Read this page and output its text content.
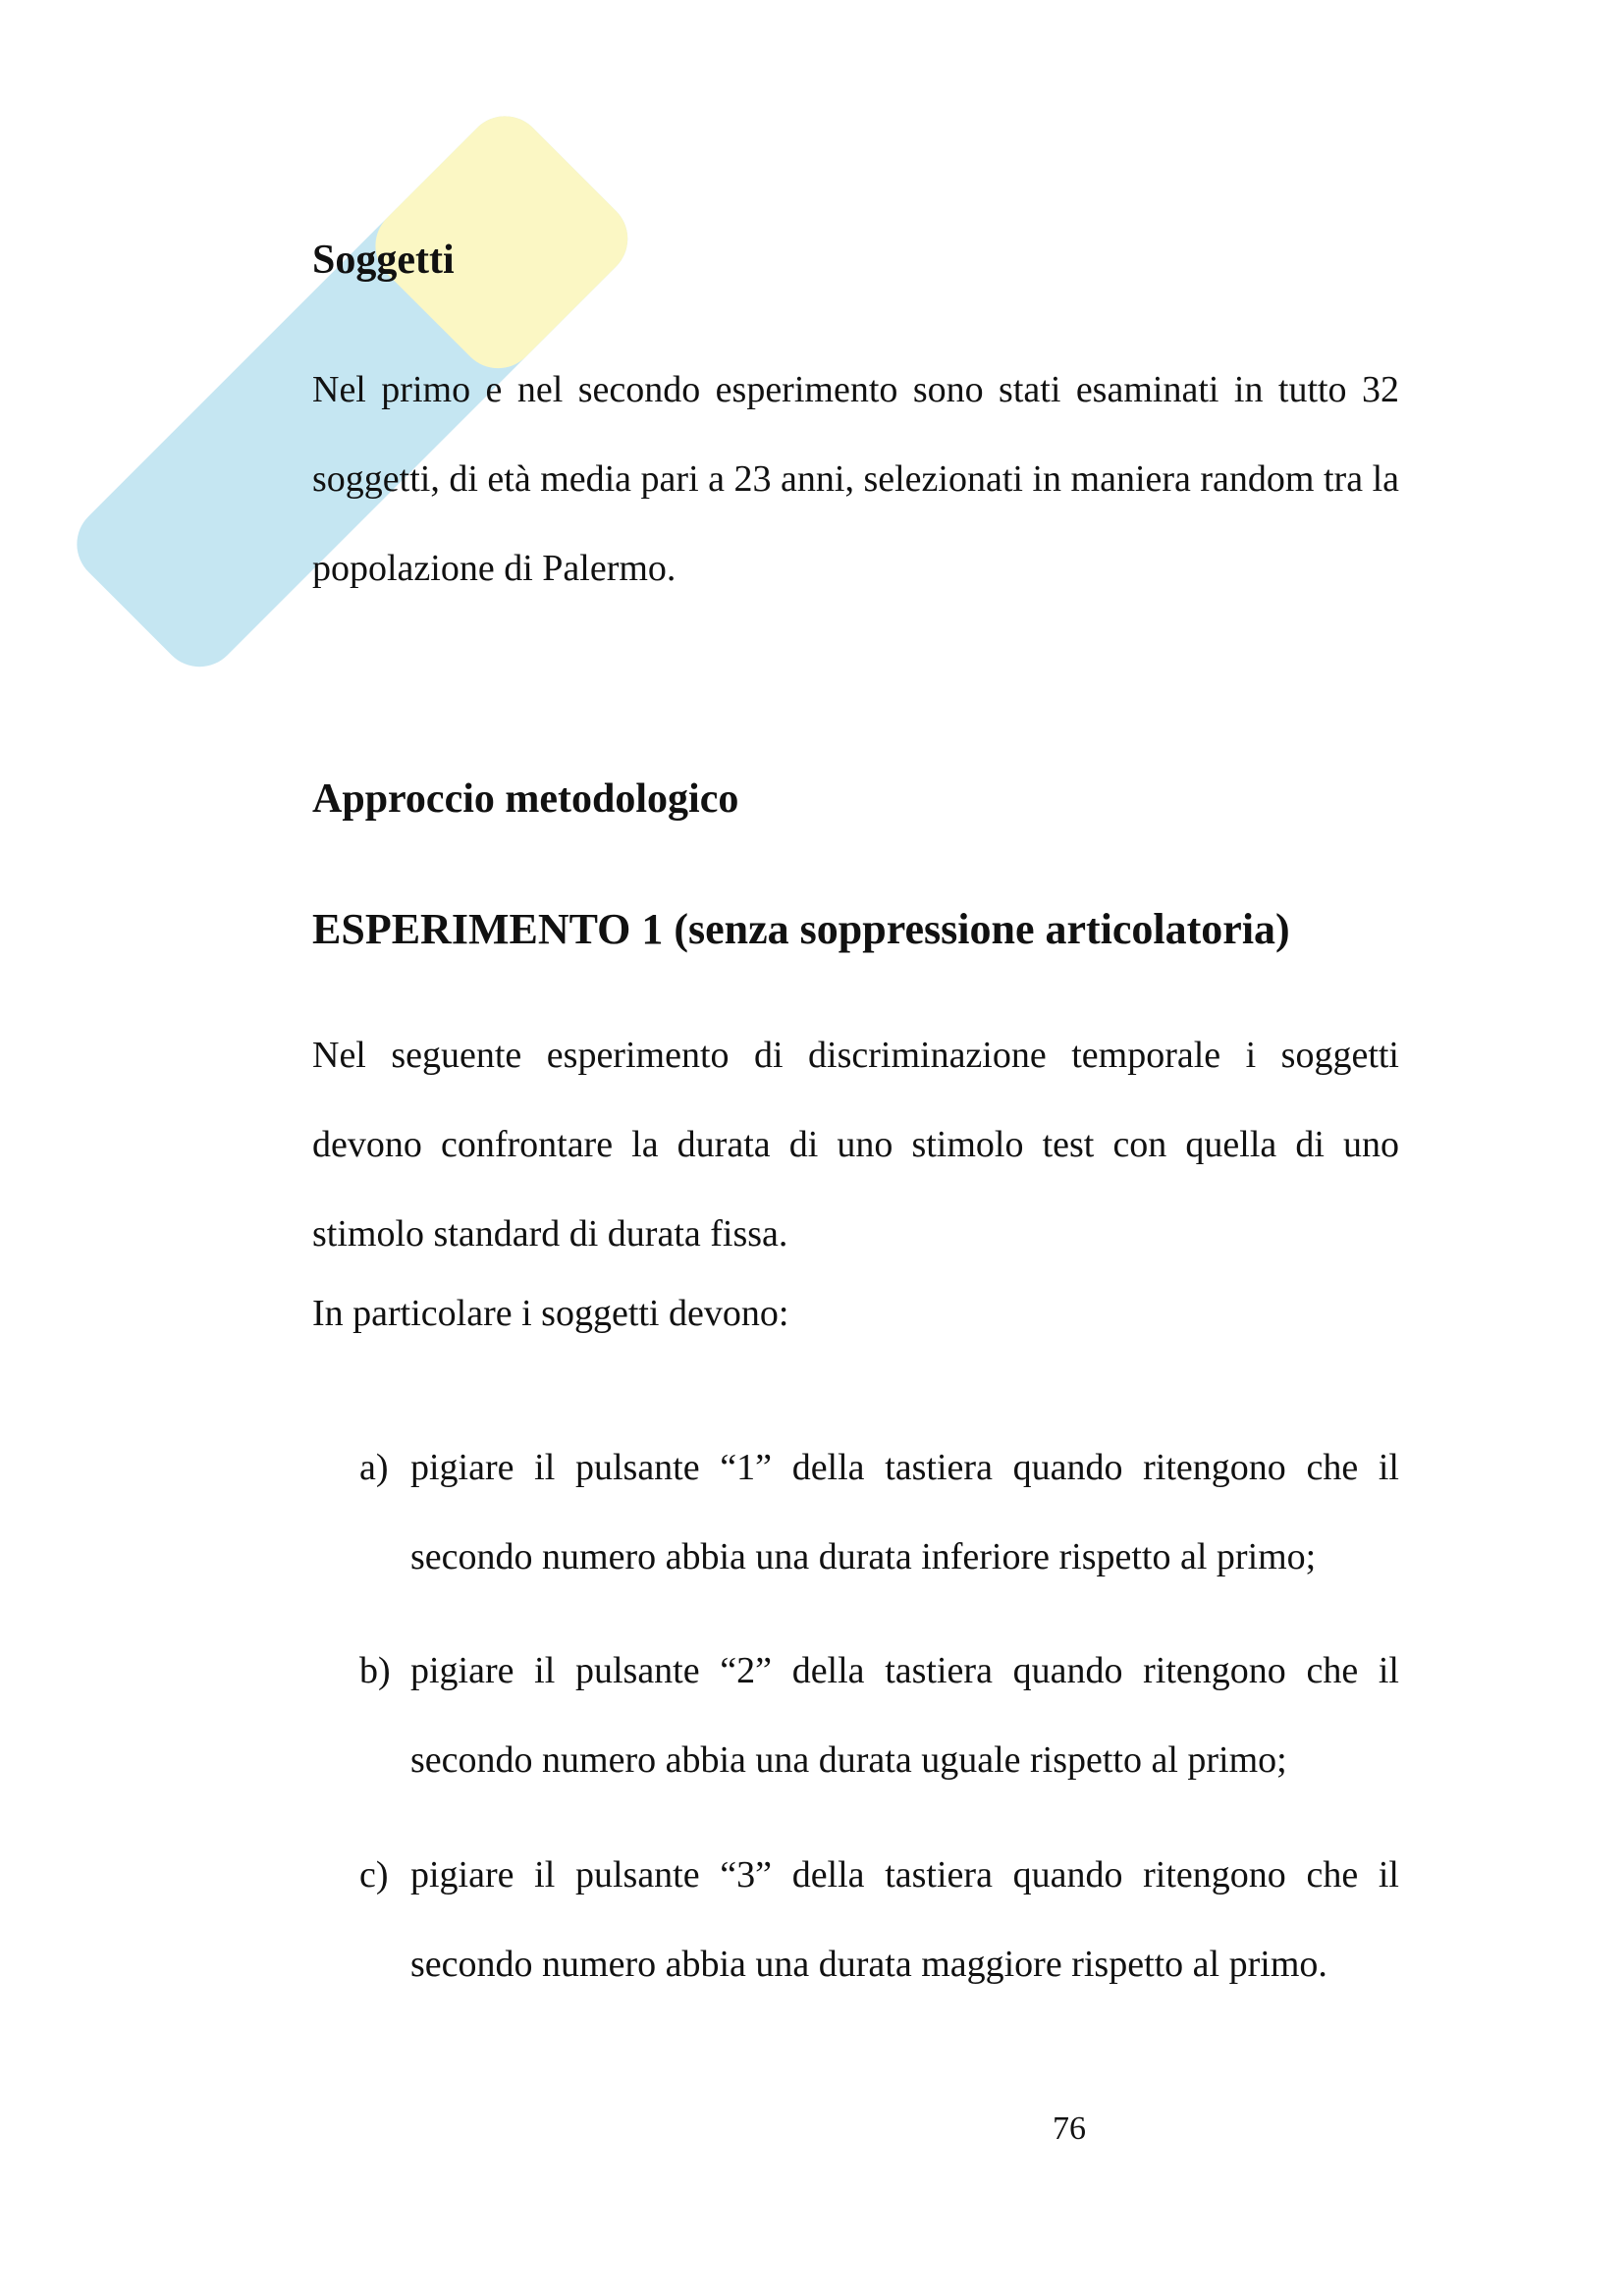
Soggetti

Nel primo e nel secondo esperimento sono stati esaminati in tutto 32 soggetti, di età media pari a 23 anni, selezionati in maniera random tra la popolazione di Palermo.

Approccio metodologico
ESPERIMENTO 1 (senza soppressione articolatoria)

Nel seguente esperimento di discriminazione temporale i soggetti devono confrontare la durata di uno stimolo test con quella di uno stimolo standard di durata fissa.

In particolare i soggetti devono:

a) pigiare il pulsante “1” della tastiera quando ritengono che il secondo numero abbia una durata inferiore rispetto al primo;
b) pigiare il pulsante “2” della tastiera quando ritengono che il secondo numero abbia una durata uguale rispetto al primo;
c) pigiare il pulsante “3” della tastiera quando ritengono che il secondo numero abbia una durata maggiore rispetto al primo.

76
